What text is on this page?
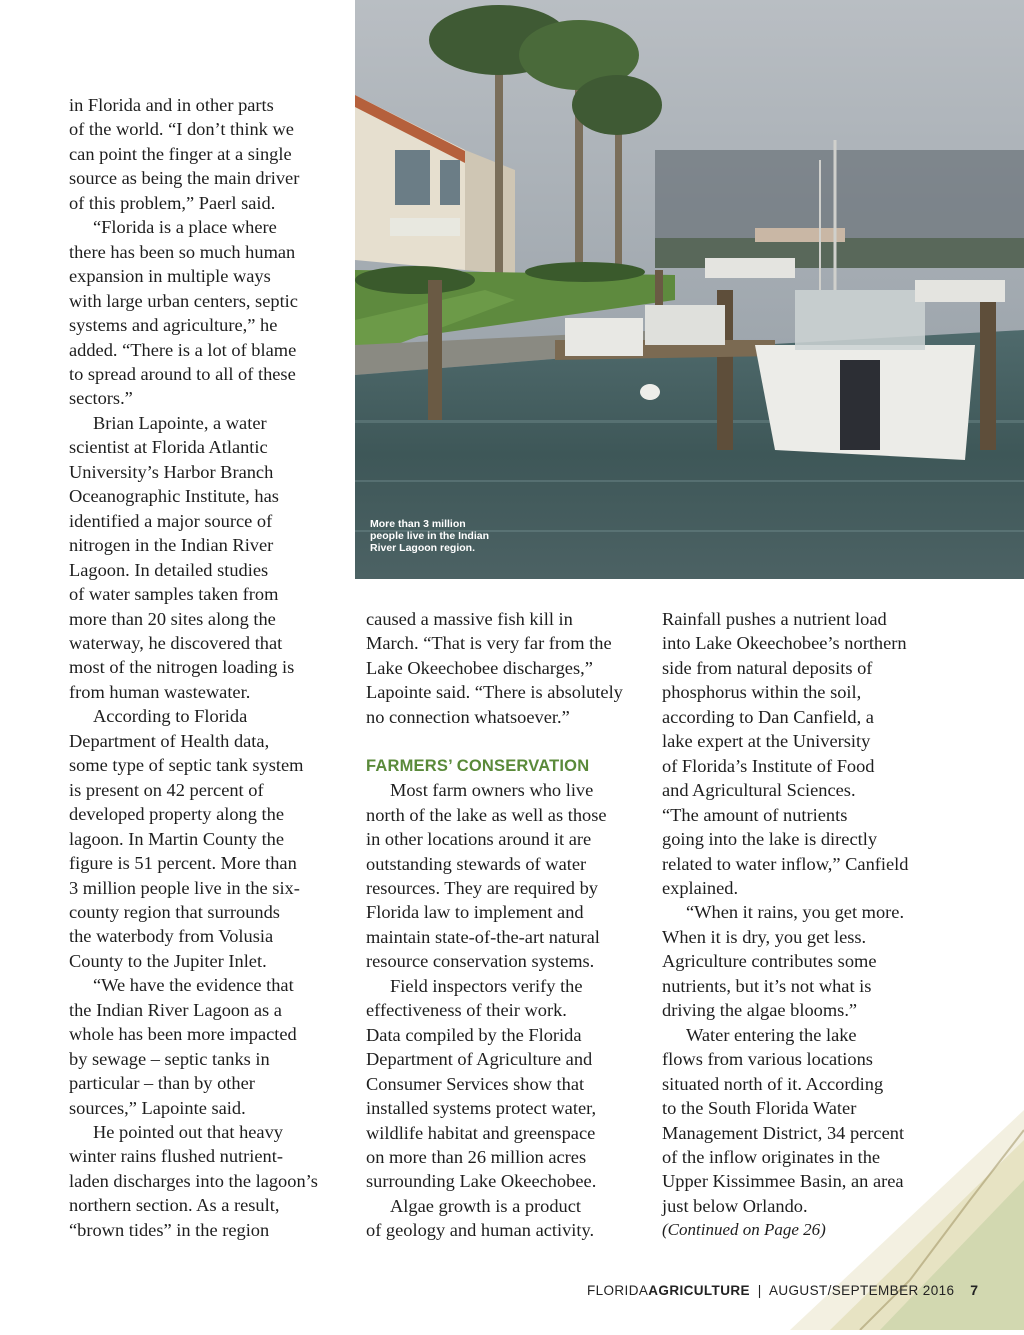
More than 3 million
people live in the Indian
River Lagoon region.
in Florida and in other parts
of the world. “I don’t think we
can point the finger at a single
source as being the main driver
of this problem,” Paerl said.
“Florida is a place where
there has been so much human
expansion in multiple ways
with large urban centers, septic
systems and agriculture,” he
added. “There is a lot of blame
to spread around to all of these
sectors.”
Brian Lapointe, a water
scientist at Florida Atlantic
University’s Harbor Branch
Oceanographic Institute, has
identified a major source of
nitrogen in the Indian River
Lagoon. In detailed studies
of water samples taken from
more than 20 sites along the
waterway, he discovered that
most of the nitrogen loading is
from human wastewater.
According to Florida
Department of Health data,
some type of septic tank system
is present on 42 percent of
developed property along the
lagoon. In Martin County the
figure is 51 percent. More than
3 million people live in the six-
county region that surrounds
the waterbody from Volusia
County to the Jupiter Inlet.
“We have the evidence that
the Indian River Lagoon as a
whole has been more impacted
by sewage – septic tanks in
particular – than by other
sources,” Lapointe said.
He pointed out that heavy
winter rains flushed nutrient-
laden discharges into the lagoon’s
northern section. As a result,
“brown tides” in the region
caused a massive fish kill in
March. “That is very far from the
Lake Okeechobee discharges,”
Lapointe said. “There is absolutely
no connection whatsoever.”
FARMERS’ CONSERVATION
Most farm owners who live
north of the lake as well as those
in other locations around it are
outstanding stewards of water
resources. They are required by
Florida law to implement and
maintain state-of-the-art natural
resource conservation systems.
Field inspectors verify the
effectiveness of their work.
Data compiled by the Florida
Department of Agriculture and
Consumer Services show that
installed systems protect water,
wildlife habitat and greenspace
on more than 26 million acres
surrounding Lake Okeechobee.
Algae growth is a product
of geology and human activity.
Rainfall pushes a nutrient load
into Lake Okeechobee’s northern
side from natural deposits of
phosphorus within the soil,
according to Dan Canfield, a
lake expert at the University
of Florida’s Institute of Food
and Agricultural Sciences.
“The amount of nutrients
going into the lake is directly
related to water inflow,” Canfield
explained.
“When it rains, you get more.
When it is dry, you get less.
Agriculture contributes some
nutrients, but it’s not what is
driving the algae blooms.”
Water entering the lake
flows from various locations
situated north of it. According
to the South Florida Water
Management District, 34 percent
of the inflow originates in the
Upper Kissimmee Basin, an area
just below Orlando.
(Continued on Page 26)
FLORIDAAGRICULTURE | AUGUST/SEPTEMBER 2016 7
